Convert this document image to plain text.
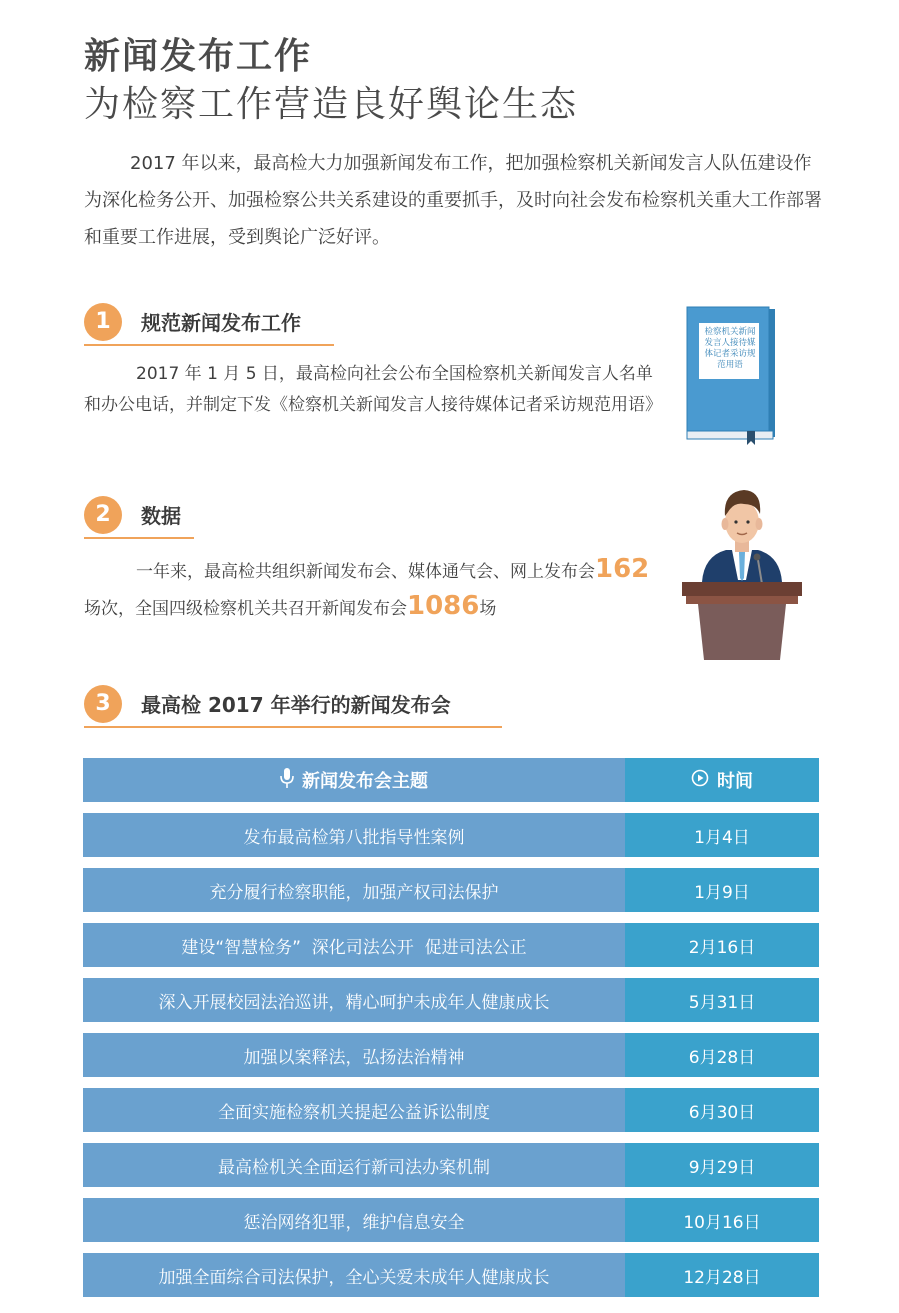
新闻发布工作
为检察工作营造良好舆论生态

2017 年以来，最高检大力加强新闻发布工作，把加强检察机关新闻发言人队伍建设作为深化检务公开、加强检察公共关系建设的重要抓手，及时向社会发布检察机关重大工作部署和重要工作进展，受到舆论广泛好评。

1	规范新闻发布工作

2017 年 1 月 5 日，最高检向社会公布全国检察机关新闻发言人名单和办公电话，并制定下发《检察机关新闻发言人接待媒体记者采访规范用语》

检察机关新闻
发言人接待媒
体记者采访规
范用语
2	数据

一年来，最高检共组织新闻发布会、媒体通气会、网上发布会162场次，全国四级检察机关共召开新闻发布会1086场

3	最高检 2017 年举行的新闻发布会
新闻发布会主题	时间
发布最高检第八批指导性案例	1月4日
充分履行检察职能，加强产权司法保护	1月9日
建设“智慧检务”  深化司法公开  促进司法公正	2月16日
深入开展校园法治巡讲，精心呵护未成年人健康成长	5月31日
加强以案释法，弘扬法治精神	6月28日
全面实施检察机关提起公益诉讼制度	6月30日
最高检机关全面运行新司法办案机制	9月29日
惩治网络犯罪，维护信息安全	10月16日
加强全面综合司法保护，全心关爱未成年人健康成长	12月28日
